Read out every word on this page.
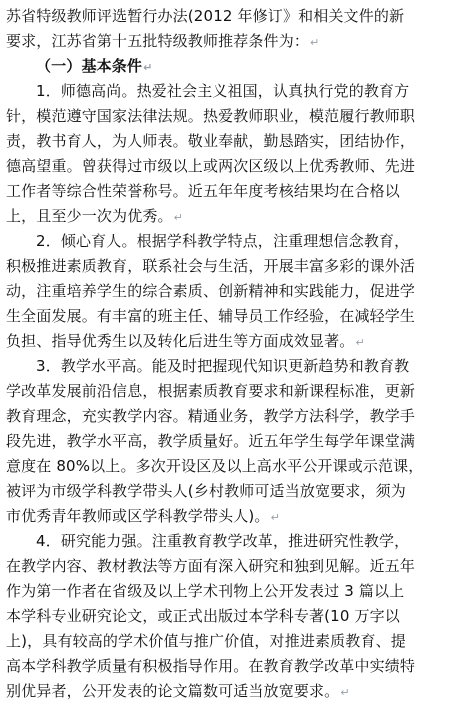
苏省特级教师评选暂行办法(2012 年修订》和相关文件的新
要求，江苏省第十五批特级教师推荐条件为：↵
（一）基本条件↵
1．师德高尚。热爱社会主义祖国，认真执行党的教育方
针，模范遵守国家法律法规。热爱教师职业，模范履行教师职
责，教书育人，为人师表。敬业奉献，勤恳踏实，团结协作，
德高望重。曾获得过市级以上或两次区级以上优秀教师、先进
工作者等综合性荣誉称号。近五年年度考核结果均在合格以
上，且至少一次为优秀。↵
2．倾心育人。根据学科教学特点，注重理想信念教育，
积极推进素质教育，联系社会与生活，开展丰富多彩的课外活
动，注重培养学生的综合素质、创新精神和实践能力，促进学
生全面发展。有丰富的班主任、辅导员工作经验，在减轻学生
负担、指导优秀生以及转化后进生等方面成效显著。↵
3．教学水平高。能及时把握现代知识更新趋势和教育教
学改革发展前沿信息，根据素质教育要求和新课程标准，更新
教育理念，充实教学内容。精通业务，教学方法科学，教学手
段先进，教学水平高，教学质量好。近五年学生每学年课堂满
意度在 80%以上。多次开设区及以上高水平公开课或示范课，
被评为市级学科教学带头人(乡村教师可适当放宽要求，须为
市优秀青年教师或区学科教学带头人)。↵
4．研究能力强。注重教育教学改革，推进研究性教学，
在教学内容、教材教法等方面有深入研究和独到见解。近五年
作为第一作者在省级及以上学术刊物上公开发表过 3 篇以上
本学科专业研究论文，或正式出版过本学科专著(10 万字以
上)，具有较高的学术价值与推广价值，对推进素质教育、提
高本学科教学质量有积极指导作用。在教育教学改革中实绩特
别优异者，公开发表的论文篇数可适当放宽要求。↵
